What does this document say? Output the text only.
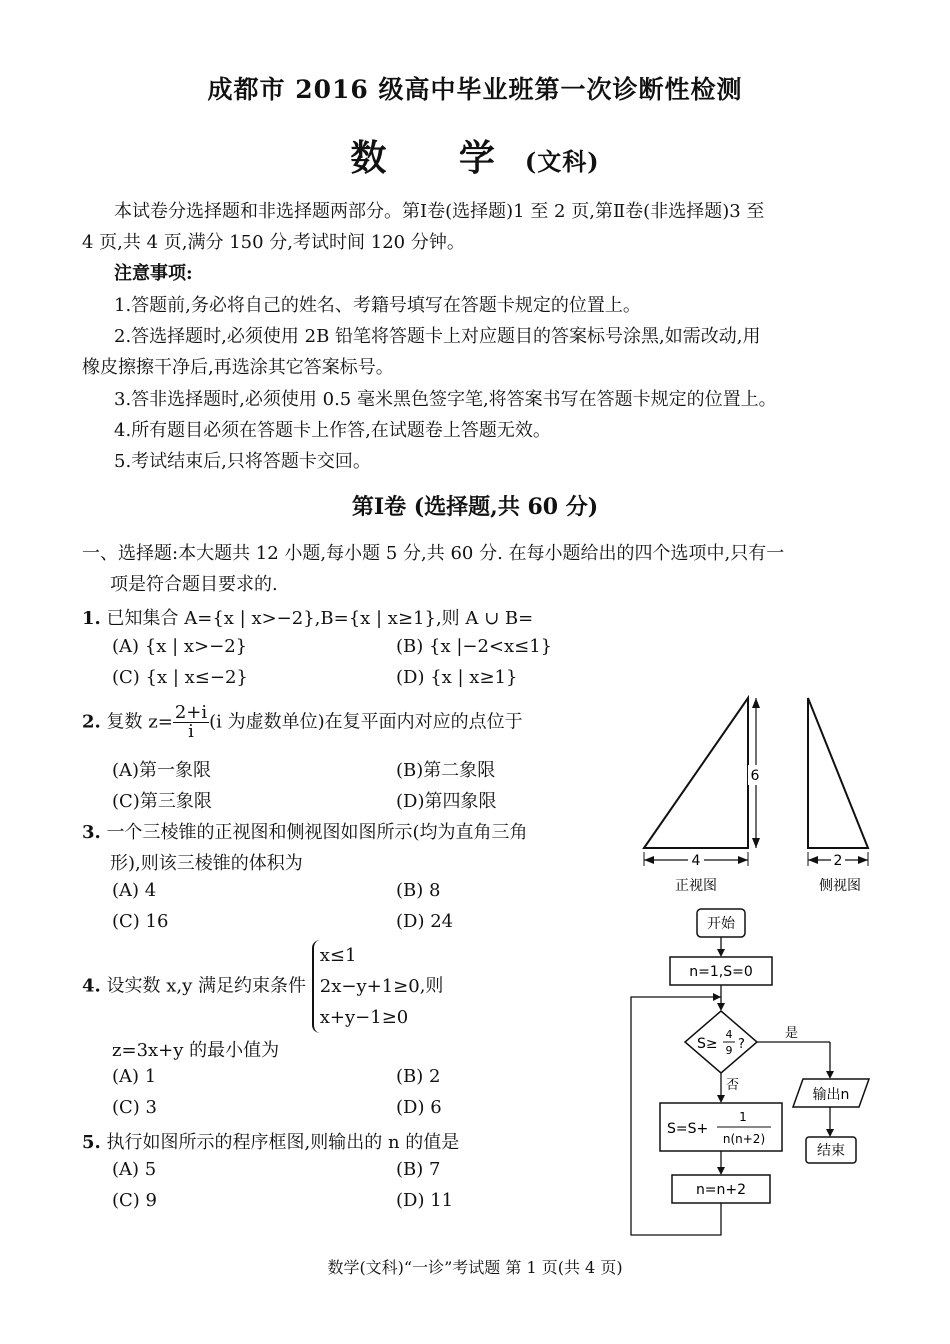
成都市 2016 级高中毕业班第一次诊断性检测
数 学(文科)
本试卷分选择题和非选择题两部分。第Ⅰ卷(选择题)1 至 2 页,第Ⅱ卷(非选择题)3 至
4 页,共 4 页,满分 150 分,考试时间 120 分钟。
注意事项:
1.答题前,务必将自己的姓名、考籍号填写在答题卡规定的位置上。
2.答选择题时,必须使用 2B 铅笔将答题卡上对应题目的答案标号涂黑,如需改动,用
橡皮擦擦干净后,再选涂其它答案标号。
3.答非选择题时,必须使用 0.5 毫米黑色签字笔,将答案书写在答题卡规定的位置上。
4.所有题目必须在答题卡上作答,在试题卷上答题无效。
5.考试结束后,只将答题卡交回。
第Ⅰ卷 (选择题,共 60 分)
一、选择题:本大题共 12 小题,每小题 5 分,共 60 分. 在每小题给出的四个选项中,只有一
项是符合题目要求的.
1. 已知集合 A={x | x>−2},B={x | x≥1},则 A ∪ B=
(A) {x | x>−2}	(B) {x |−2<x≤1}
(C) {x | x≤−2}	(D) {x | x≥1}
2. 复数 $z= \frac{2+i}{i} (i$ 为虚数单位)在复平面内对应的点位于
(A)第一象限	(B)第二象限
(C)第三象限	(D)第四象限
3. 一个三棱锥的正视图和侧视图如图所示(均为直角三角
形),则该三棱锥的体积为
(A) 4	(B) 8
(C) 16	(D) 24
4. 设实数 x,y 满足约束条件
x≤1
2x−y+1≥0
x+y−1≥0
,则
z=3x+y 的最小值为
(A) 1	(B) 2
(C) 3	(D) 6
5. 执行如图所示的程序框图,则输出的 n 的值是
(A) 5	(B) 7
(C) 9	(D) 11
6
4
正视图
2
侧视图
开始
n=1,S=0
S≥
4
9 ?
是
输出n
结束
否
S=S+
1
n(n+2)
n=n+2
数学(文科)“一诊”考试题 第 1 页(共 4 页)
